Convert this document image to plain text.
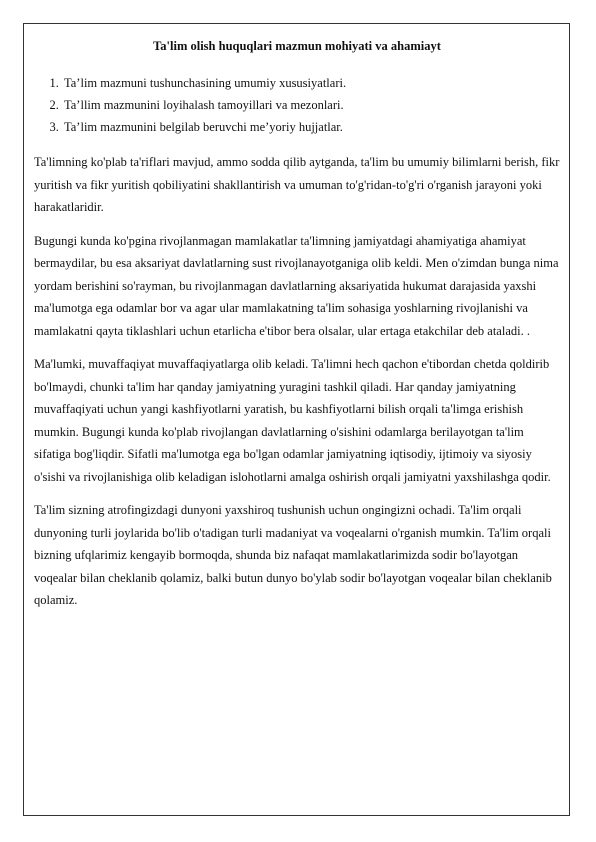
Ta'lim olish huquqlari mazmun mohiyati va ahamiayt
1. Ta’lim mazmuni tushunchasining umumiy xususiyatlari.
2. Ta’llim mazmunini loyihalash tamoyillari va mezonlari.
3. Ta’lim mazmunini belgilab beruvchi me’yoriy hujjatlar.

Ta'limning ko'plab ta'riflari mavjud, ammo sodda qilib aytganda, ta'lim bu umumiy bilimlarni berish, fikr yuritish va fikr yuritish qobiliyatini shakllantirish va umuman to'g'ridan-to'g'ri o'rganish jarayoni yoki harakatlaridir.

Bugungi kunda ko'pgina rivojlanmagan mamlakatlar ta'limning jamiyatdagi ahamiyatiga ahamiyat bermaydilar, bu esa aksariyat davlatlarning sust rivojlanayotganiga olib keldi. Men o'zimdan bunga nima yordam berishini so'rayman, bu rivojlanmagan davlatlarning aksariyatida hukumat darajasida yaxshi ma'lumotga ega odamlar bor va agar ular mamlakatning ta'lim sohasiga yoshlarning rivojlanishi va mamlakatni qayta tiklashlari uchun etarlicha e'tibor bera olsalar, ular ertaga etakchilar deb ataladi. .

Ma'lumki, muvaffaqiyat muvaffaqiyatlarga olib keladi. Ta'limni hech qachon e'tibordan chetda qoldirib bo'lmaydi, chunki ta'lim har qanday jamiyatning yuragini tashkil qiladi. Har qanday jamiyatning muvaffaqiyati uchun yangi kashfiyotlarni yaratish, bu kashfiyotlarni bilish orqali ta'limga erishish mumkin. Bugungi kunda ko'plab rivojlangan davlatlarning o'sishini odamlarga berilayotgan ta'lim sifatiga bog'liqdir. Sifatli ma'lumotga ega bo'lgan odamlar jamiyatning iqtisodiy, ijtimoiy va siyosiy o'sishi va rivojlanishiga olib keladigan islohotlarni amalga oshirish orqali jamiyatni yaxshilashga qodir.

Ta'lim sizning atrofingizdagi dunyoni yaxshiroq tushunish uchun ongingizni ochadi. Ta'lim orqali dunyoning turli joylarida bo'lib o'tadigan turli madaniyat va voqealarni o'rganish mumkin. Ta'lim orqali bizning ufqlarimiz kengayib bormoqda, shunda biz nafaqat mamlakatlarimizda sodir bo'layotgan voqealar bilan cheklanib qolamiz, balki butun dunyo bo'ylab sodir bo'layotgan voqealar bilan cheklanib qolamiz.
